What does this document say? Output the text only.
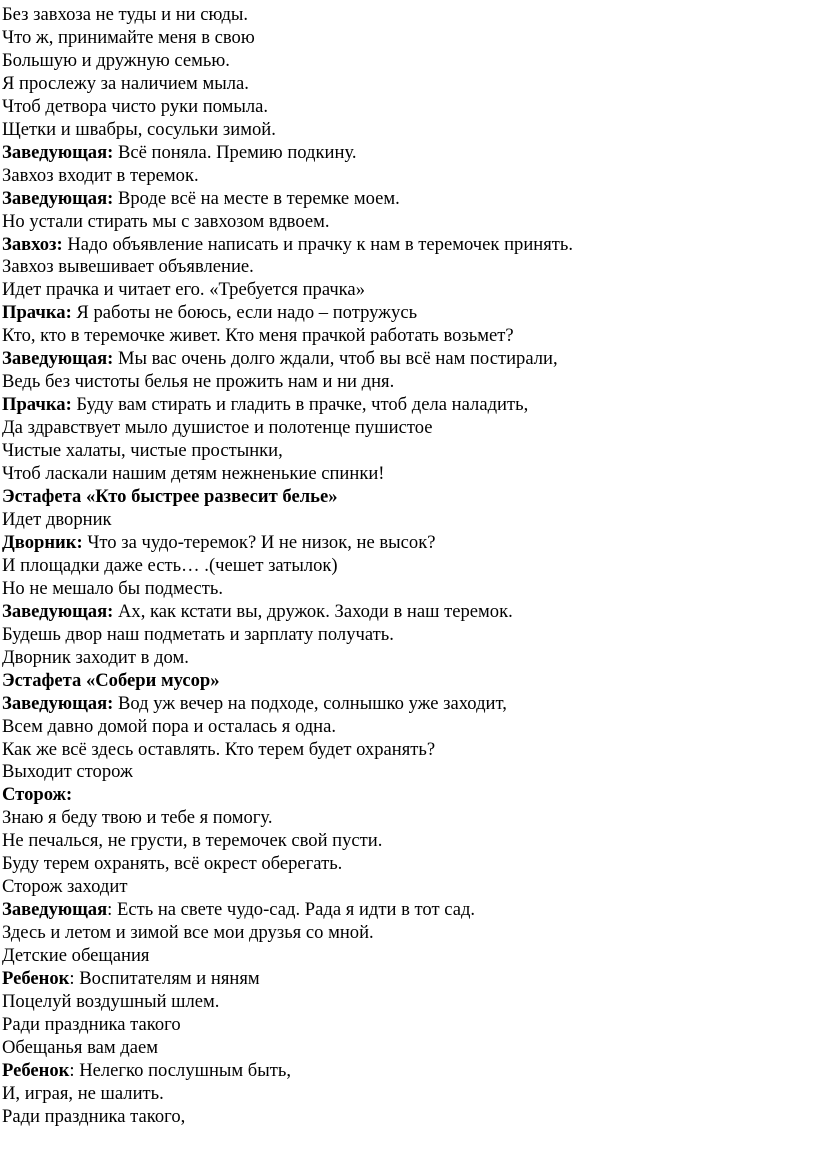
Без завхоза не туды и ни сюды.
Что ж, принимайте меня в свою
Большую и дружную семью.
Я прослежу за наличием мыла.
Чтоб детвора чисто руки помыла.
Щетки и швабры, сосульки зимой.
Заведующая: Всё поняла. Премию подкину.
Завхоз входит в теремок.
Заведующая: Вроде всё на месте в теремке моем.
Но устали стирать мы с завхозом вдвоем.
Завхоз: Надо объявление написать и прачку к нам в теремочек принять.
Завхоз вывешивает объявление.
Идет прачка и читает его. «Требуется прачка»
Прачка: Я работы не боюсь, если надо – потружусь
Кто, кто в теремочке живет. Кто меня прачкой работать возьмет?
Заведующая: Мы вас очень долго ждали, чтоб вы всё нам постирали,
Ведь без чистоты белья не прожить нам и ни дня.
Прачка: Буду вам стирать и гладить в прачке, чтоб дела наладить,
Да здравствует мыло душистое и полотенце пушистое
Чистые халаты, чистые простынки,
Чтоб ласкали нашим детям нежненькие спинки!
Эстафета «Кто быстрее развесит белье»
Идет дворник
Дворник: Что за чудо-теремок? И не низок, не высок?
И площадки даже есть… .(чешет затылок)
Но не мешало бы подместь.
Заведующая: Ах, как кстати вы, дружок. Заходи в наш теремок.
Будешь двор наш подметать и зарплату получать.
Дворник заходит в дом.
Эстафета «Собери мусор»
Заведующая: Вод уж вечер на подходе, солнышко уже заходит,
Всем давно домой пора и осталась я одна.
Как же всё здесь оставлять. Кто терем будет охранять?
Выходит сторож
Сторож:
Знаю я беду твою и тебе я помогу.
Не печалься, не грусти, в теремочек свой пусти.
Буду терем охранять, всё окрест оберегать.
Сторож заходит
Заведующая: Есть на свете чудо-сад. Рада я идти в тот сад.
Здесь и летом и зимой все мои друзья со мной.
Детские обещания
Ребенок: Воспитателям и няням
Поцелуй воздушный шлем.
Ради праздника такого
Обещанья вам даем
Ребенок: Нелегко послушным быть,
И, играя, не шалить.
Ради праздника такого,
